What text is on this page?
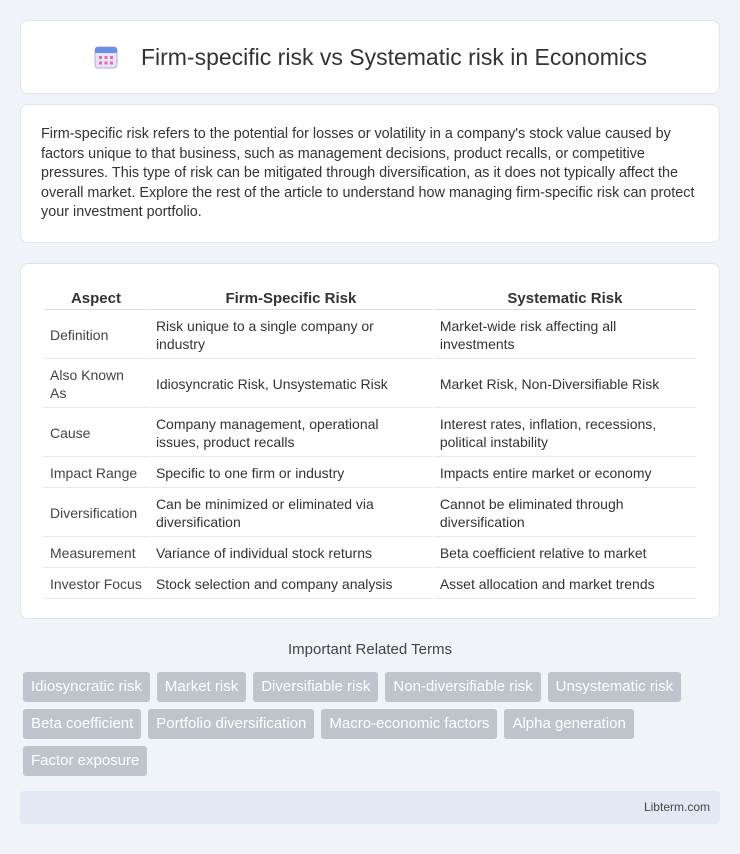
Firm-specific risk vs Systematic risk in Economics

Firm-specific risk refers to the potential for losses or volatility in a company's stock value caused by factors unique to that business, such as management decisions, product recalls, or competitive pressures. This type of risk can be mitigated through diversification, as it does not typically affect the overall market. Explore the rest of the article to understand how managing firm-specific risk can protect your investment portfolio.

Aspect	Firm-Specific Risk	Systematic Risk
Definition	Risk unique to a single company or industry	Market-wide risk affecting all investments
Also Known As	Idiosyncratic Risk, Unsystematic Risk	Market Risk, Non-Diversifiable Risk
Cause	Company management, operational issues, product recalls	Interest rates, inflation, recessions, political instability
Impact Range	Specific to one firm or industry	Impacts entire market or economy
Diversification	Can be minimized or eliminated via diversification	Cannot be eliminated through diversification
Measurement	Variance of individual stock returns	Beta coefficient relative to market
Investor Focus	Stock selection and company analysis	Asset allocation and market trends
Important Related Terms
Idiosyncratic risk	Market risk	Diversifiable risk	Non-diversifiable risk	Unsystematic risk
Beta coefficient	Portfolio diversification	Macro-economic factors	Alpha generation
Factor exposure
Libterm.com
